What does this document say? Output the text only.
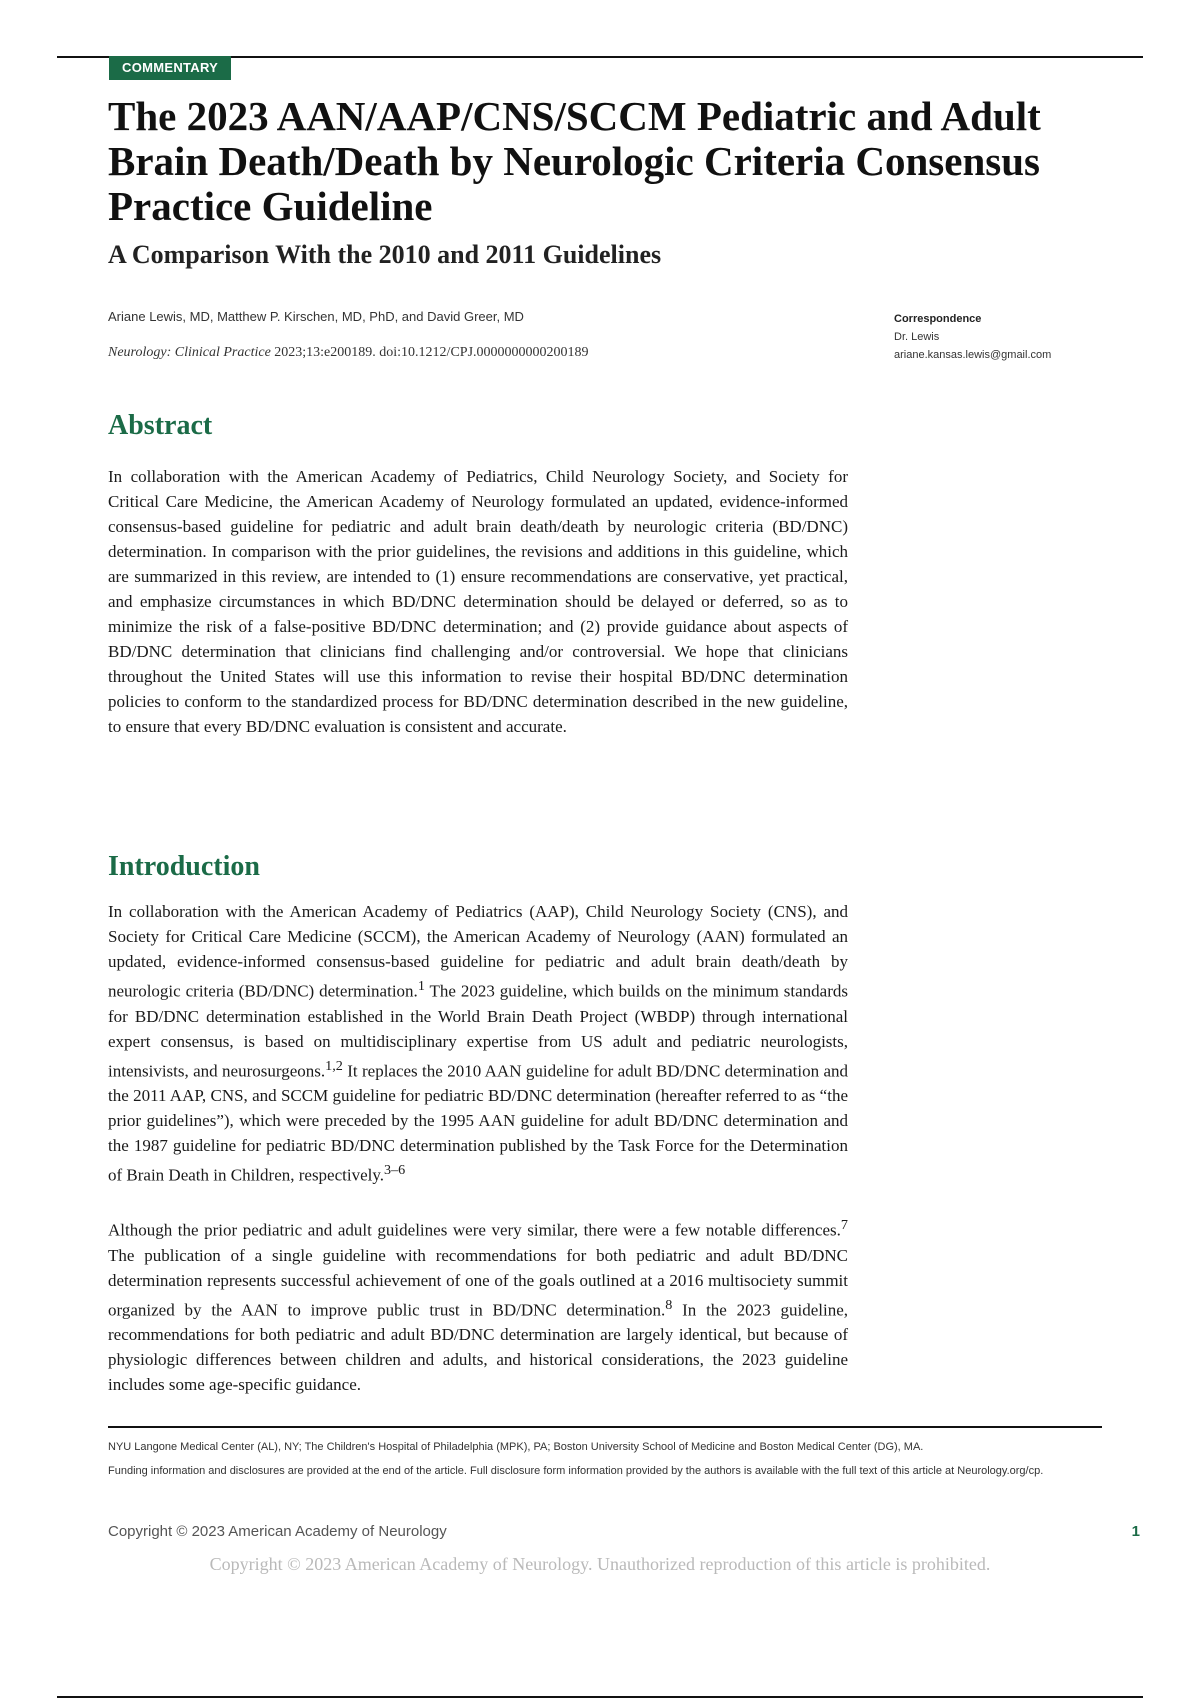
COMMENTARY
The 2023 AAN/AAP/CNS/SCCM Pediatric and Adult
Brain Death/Death by Neurologic Criteria Consensus
Practice Guideline
A Comparison With the 2010 and 2011 Guidelines
Ariane Lewis, MD, Matthew P. Kirschen, MD, PhD, and David Greer, MD
Neurology: Clinical Practice 2023;13:e200189. doi:10.1212/CPJ.0000000000200189
Correspondence
Dr. Lewis
ariane.kansas.lewis@gmail.com
Abstract

In collaboration with the American Academy of Pediatrics, Child Neurology Society, and Society for Critical Care Medicine, the American Academy of Neurology formulated an updated, evidence-informed consensus-based guideline for pediatric and adult brain death/death by neurologic criteria (BD/DNC) determination. In comparison with the prior guidelines, the revisions and additions in this guideline, which are summarized in this review, are intended to (1) ensure recommendations are conservative, yet practical, and emphasize circumstances in which BD/DNC determination should be delayed or deferred, so as to minimize the risk of a false-positive BD/DNC determination; and (2) provide guidance about aspects of BD/DNC determination that clinicians find challenging and/or controversial. We hope that clinicians throughout the United States will use this information to revise their hospital BD/DNC determination policies to conform to the standardized process for BD/DNC determination described in the new guideline, to ensure that every BD/DNC evaluation is consistent and accurate.

Introduction

In collaboration with the American Academy of Pediatrics (AAP), Child Neurology Society (CNS), and Society for Critical Care Medicine (SCCM), the American Academy of Neurology (AAN) formulated an updated, evidence-informed consensus-based guideline for pediatric and adult brain death/death by neurologic criteria (BD/DNC) determination.$^1$ The 2023 guideline, which builds on the minimum standards for BD/DNC determination established in the World Brain Death Project (WBDP) through international expert consensus, is based on multidisciplinary expertise from US adult and pediatric neurologists, intensivists, and neurosurgeons.$^{1,2}$ It replaces the 2010 AAN guideline for adult BD/DNC determination and the 2011 AAP, CNS, and SCCM guideline for pediatric BD/DNC determination (hereafter referred to as “the prior guidelines”), which were preceded by the 1995 AAN guideline for adult BD/DNC determination and the 1987 guideline for pediatric BD/DNC determination published by the Task Force for the Determination of Brain Death in Children, respectively.$^{3-6}$

Although the prior pediatric and adult guidelines were very similar, there were a few notable differences.$^7$ The publication of a single guideline with recommendations for both pediatric and adult BD/DNC determination represents successful achievement of one of the goals outlined at a 2016 multisociety summit organized by the AAN to improve public trust in BD/DNC determination.$^8$ In the 2023 guideline, recommendations for both pediatric and adult BD/DNC determination are largely identical, but because of physiologic differences between children and adults, and historical considerations, the 2023 guideline includes some age-specific guidance.

NYU Langone Medical Center (AL), NY; The Children's Hospital of Philadelphia (MPK), PA; Boston University School of Medicine and Boston Medical Center (DG), MA.
Funding information and disclosures are provided at the end of the article. Full disclosure form information provided by the authors is available with the full text of this article at Neurology.org/cp.
Copyright © 2023 American Academy of Neurology	1
Copyright © 2023 American Academy of Neurology. Unauthorized reproduction of this article is prohibited.
